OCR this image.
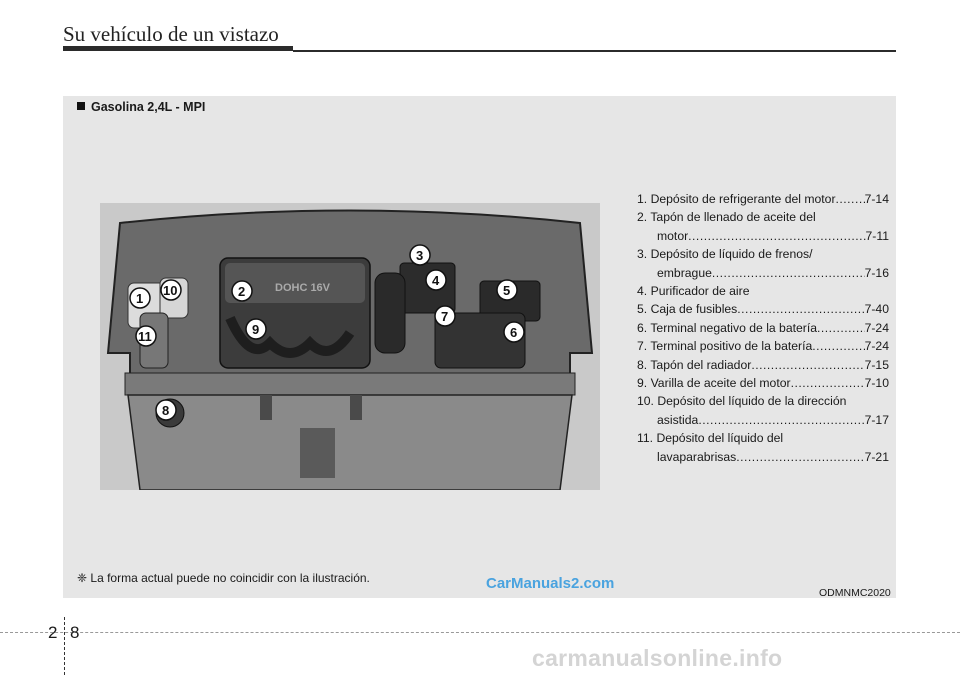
Su vehículo de un vistazo
Gasolina 2,4L - MPI
DOHC 16V
1	2
3
4
5
6
7
8
9
10
11
1. Depósito de refrigerante del motor ..... 7-14
2. Tapón de llenado de aceite del
motor .....	7-11
3. Depósito de líquido de frenos/
embrague .....	7-16
4. Purificador de aire
5. Caja de fusibles .....	7-40
6. Terminal negativo de la batería .....	7-24
7. Terminal positivo de la batería .....	7-24
8. Tapón del radiador .....	7-15
9. Varilla de aceite del motor .....	7-10
10. Depósito del líquido de la dirección
asistida .....	7-17
11. Depósito del líquido del
lavaparabrisas .....	7-21
❈ La forma actual puede no coincidir con la ilustración.	CarManuals2.com
ODMNMC2020
2 8
carmanualsonline.info
